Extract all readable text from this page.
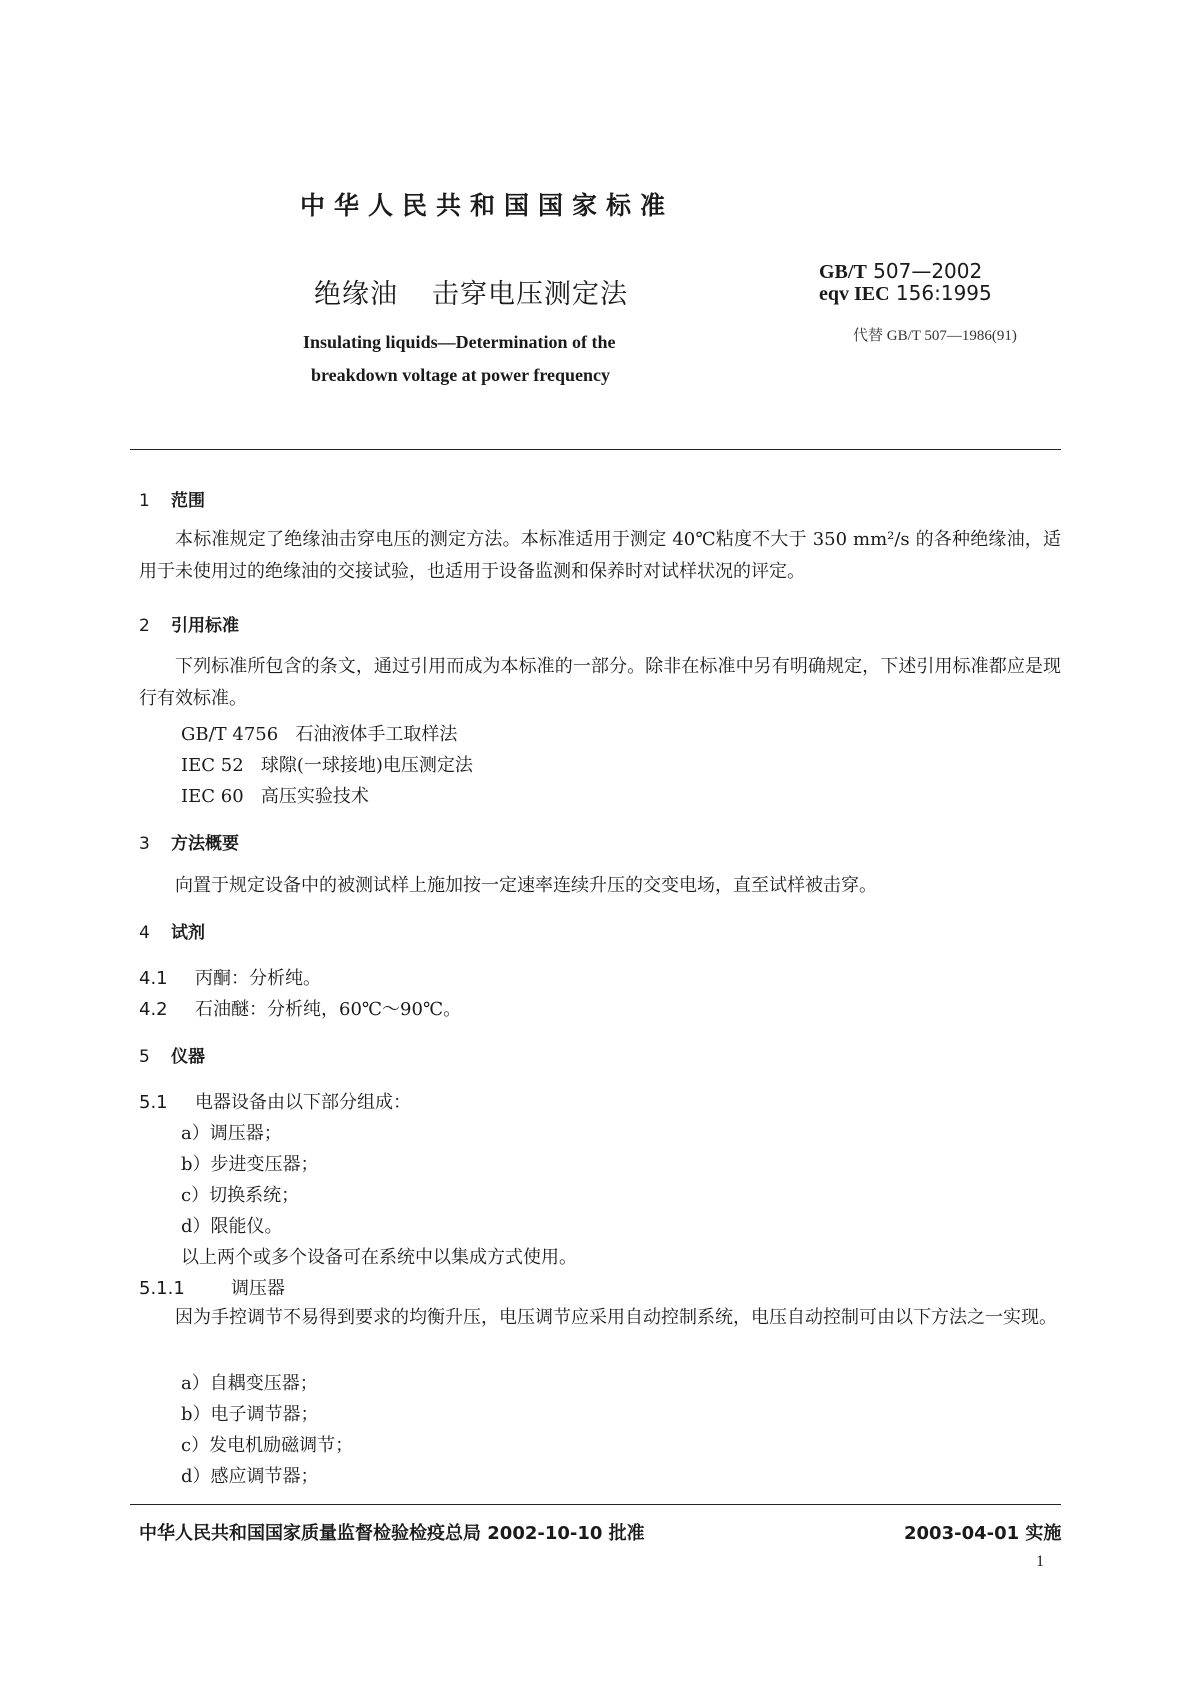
中华人民共和国国家标准
绝缘油 击穿电压测定法
Insulating liquids—Determination of the
breakdown voltage at power frequency
GB/T 507—2002
eqv IEC 156:1995
代替 GB/T 507—1986(91)
1 范围
本标准规定了绝缘油击穿电压的测定方法。本标准适用于测定 40℃粘度不大于 350 mm²/s 的各种绝缘油，适用于未使用过的绝缘油的交接试验，也适用于设备监测和保养时对试样状况的评定。
2 引用标准
下列标准所包含的条文，通过引用而成为本标准的一部分。除非在标准中另有明确规定，下述引用标准都应是现行有效标准。
GB/T 4756 石油液体手工取样法
IEC 52 球隙(一球接地)电压测定法
IEC 60 高压实验技术
3 方法概要
向置于规定设备中的被测试样上施加按一定速率连续升压的交变电场，直至试样被击穿。
4 试剂
4.1 丙酮：分析纯。
4.2 石油醚：分析纯，60℃～90℃。
5 仪器
5.1 电器设备由以下部分组成：
a）调压器；
b）步进变压器；
c）切换系统；
d）限能仪。
以上两个或多个设备可在系统中以集成方式使用。
5.1.1	调压器
因为手控调节不易得到要求的均衡升压，电压调节应采用自动控制系统，电压自动控制可由以下方法之一实现。
a）自耦变压器；
b）电子调节器；
c）发电机励磁调节；
d）感应调节器；
中华人民共和国国家质量监督检验检疫总局 2002-10-10 批准	2003-04-01 实施
1
